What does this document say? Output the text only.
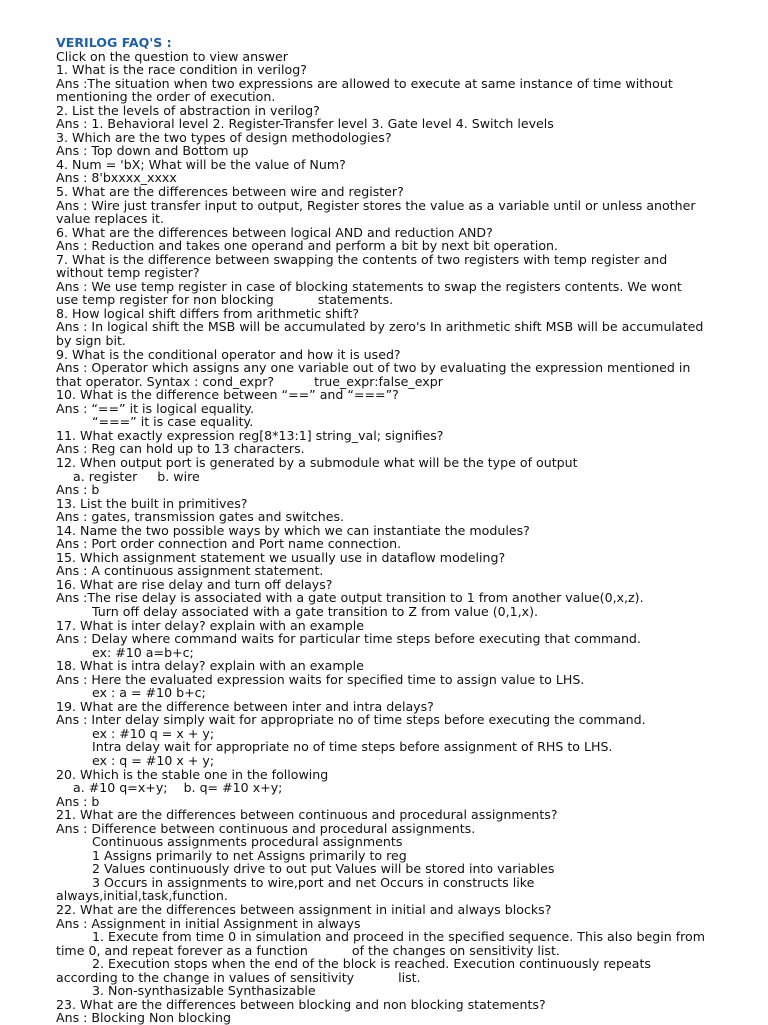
VERILOG FAQ'S :
Click on the question to view answer
1. What is the race condition in verilog?
Ans :The situation when two expressions are allowed to execute at same instance of time without
mentioning the order of execution.
2. List the levels of abstraction in verilog?
Ans : 1. Behavioral level 2. Register-Transfer level 3. Gate level 4. Switch levels
3. Which are the two types of design methodologies?
Ans : Top down and Bottom up
4. Num = 'bX; What will be the value of Num?
Ans : 8'bxxxx_xxxx
5. What are the differences between wire and register?
Ans : Wire just transfer input to output, Register stores the value as a variable until or unless another
value replaces it.
6. What are the differences between logical AND and reduction AND?
Ans : Reduction and takes one operand and perform a bit by next bit operation.
7. What is the difference between swapping the contents of two registers with temp register and
without temp register?
Ans : We use temp register in case of blocking statements to swap the registers contents. We wont
use temp register for non blocking           statements.
8. How logical shift differs from arithmetic shift?
Ans : In logical shift the MSB will be accumulated by zero's In arithmetic shift MSB will be accumulated
by sign bit.
9. What is the conditional operator and how it is used?
Ans : Operator which assigns any one variable out of two by evaluating the expression mentioned in
that operator. Syntax : cond_expr?          true_expr:false_expr
10. What is the difference between “==” and “===”?
Ans : “==” it is logical equality.
“===” it is case equality.
11. What exactly expression reg[8*13:1] string_val; signifies?
Ans : Reg can hold up to 13 characters.
12. When output port is generated by a submodule what will be the type of output
a. register     b. wire
Ans : b
13. List the built in primitives?
Ans : gates, transmission gates and switches.
14. Name the two possible ways by which we can instantiate the modules?
Ans : Port order connection and Port name connection.
15. Which assignment statement we usually use in dataflow modeling?
Ans : A continuous assignment statement.
16. What are rise delay and turn off delays?
Ans :The rise delay is associated with a gate output transition to 1 from another value(0,x,z).
Turn off delay associated with a gate transition to Z from value (0,1,x).
17. What is inter delay? explain with an example
Ans : Delay where command waits for particular time steps before executing that command.
ex: #10 a=b+c;
18. What is intra delay? explain with an example
Ans : Here the evaluated expression waits for specified time to assign value to LHS.
ex : a = #10 b+c;
19. What are the difference between inter and intra delays?
Ans : Inter delay simply wait for appropriate no of time steps before executing the command.
ex : #10 q = x + y;
Intra delay wait for appropriate no of time steps before assignment of RHS to LHS.
ex : q = #10 x + y;
20. Which is the stable one in the following
a. #10 q=x+y;    b. q= #10 x+y;
Ans : b
21. What are the differences between continuous and procedural assignments?
Ans : Difference between continuous and procedural assignments.
Continuous assignments procedural assignments
1 Assigns primarily to net Assigns primarily to reg
2 Values continuously drive to out put Values will be stored into variables
3 Occurs in assignments to wire,port and net Occurs in constructs like
always,initial,task,function.
22. What are the differences between assignment in initial and always blocks?
Ans : Assignment in initial Assignment in always
1. Execute from time 0 in simulation and proceed in the specified sequence. This also begin from
time 0, and repeat forever as a function           of the changes on sensitivity list.
2. Execution stops when the end of the block is reached. Execution continuously repeats
according to the change in values of sensitivity           list.
3. Non-synthasizable Synthasizable
23. What are the differences between blocking and non blocking statements?
Ans : Blocking Non blocking
